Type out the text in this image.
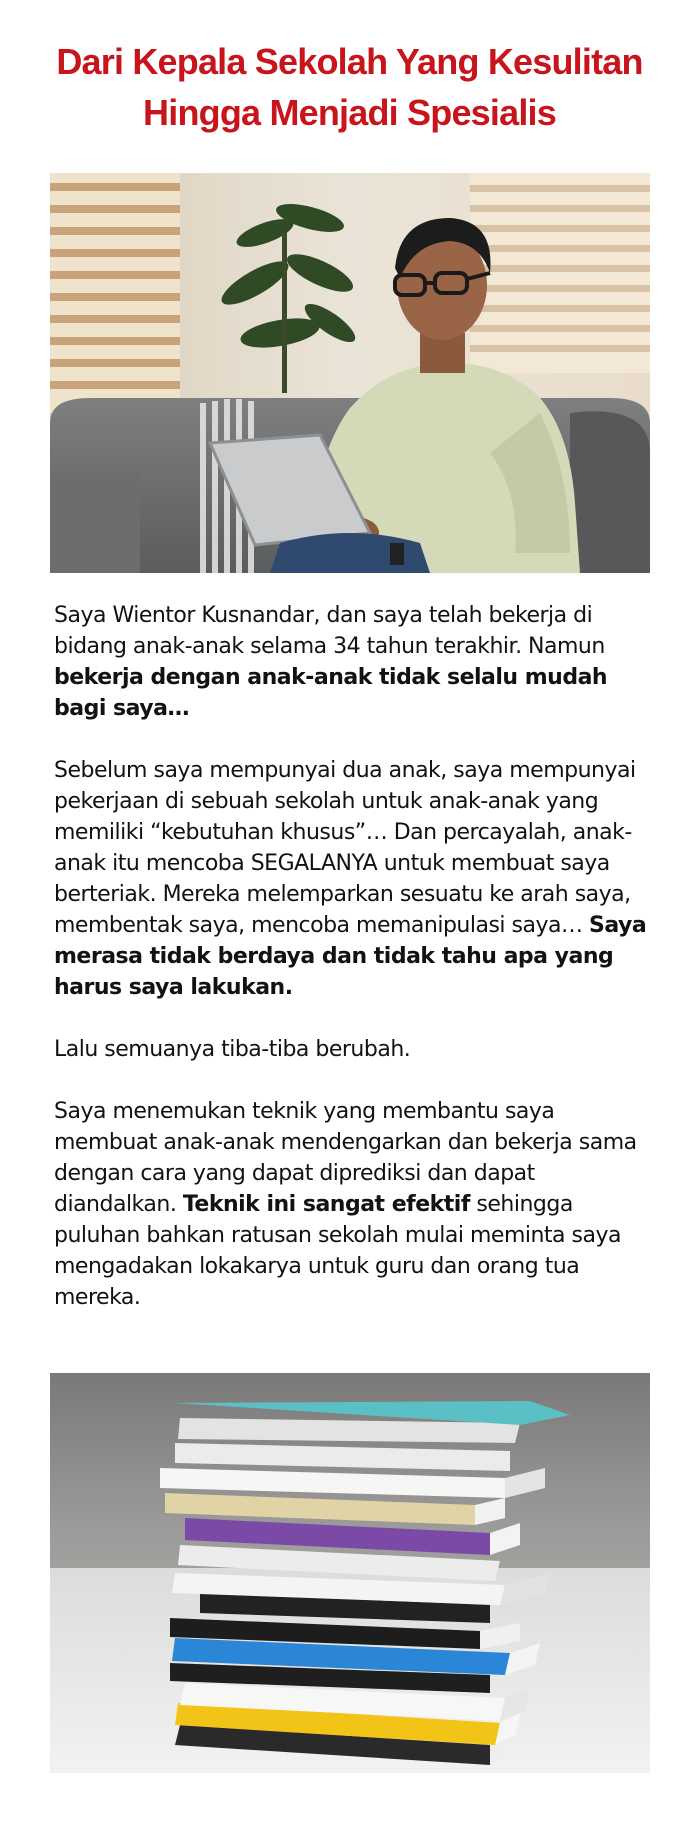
Dari Kepala Sekolah Yang Kesulitan
Hingga Menjadi Spesialis

Saya Wientor Kusnandar, dan saya telah bekerja di bidang anak-anak selama 34 tahun terakhir. Namun bekerja dengan anak-anak tidak selalu mudah bagi saya…

Sebelum saya mempunyai dua anak, saya mempunyai pekerjaan di sebuah sekolah untuk anak-anak yang memiliki “kebutuhan khusus”… Dan percayalah, anak-anak itu mencoba SEGALANYA untuk membuat saya berteriak. Mereka melemparkan sesuatu ke arah saya, membentak saya, mencoba memanipulasi saya… Saya merasa tidak berdaya dan tidak tahu apa yang harus saya lakukan.

Lalu semuanya tiba-tiba berubah.

Saya menemukan teknik yang membantu saya membuat anak-anak mendengarkan dan bekerja sama dengan cara yang dapat diprediksi dan dapat diandalkan. Teknik ini sangat efektif sehingga puluhan bahkan ratusan sekolah mulai meminta saya mengadakan lokakarya untuk guru dan orang tua mereka.
